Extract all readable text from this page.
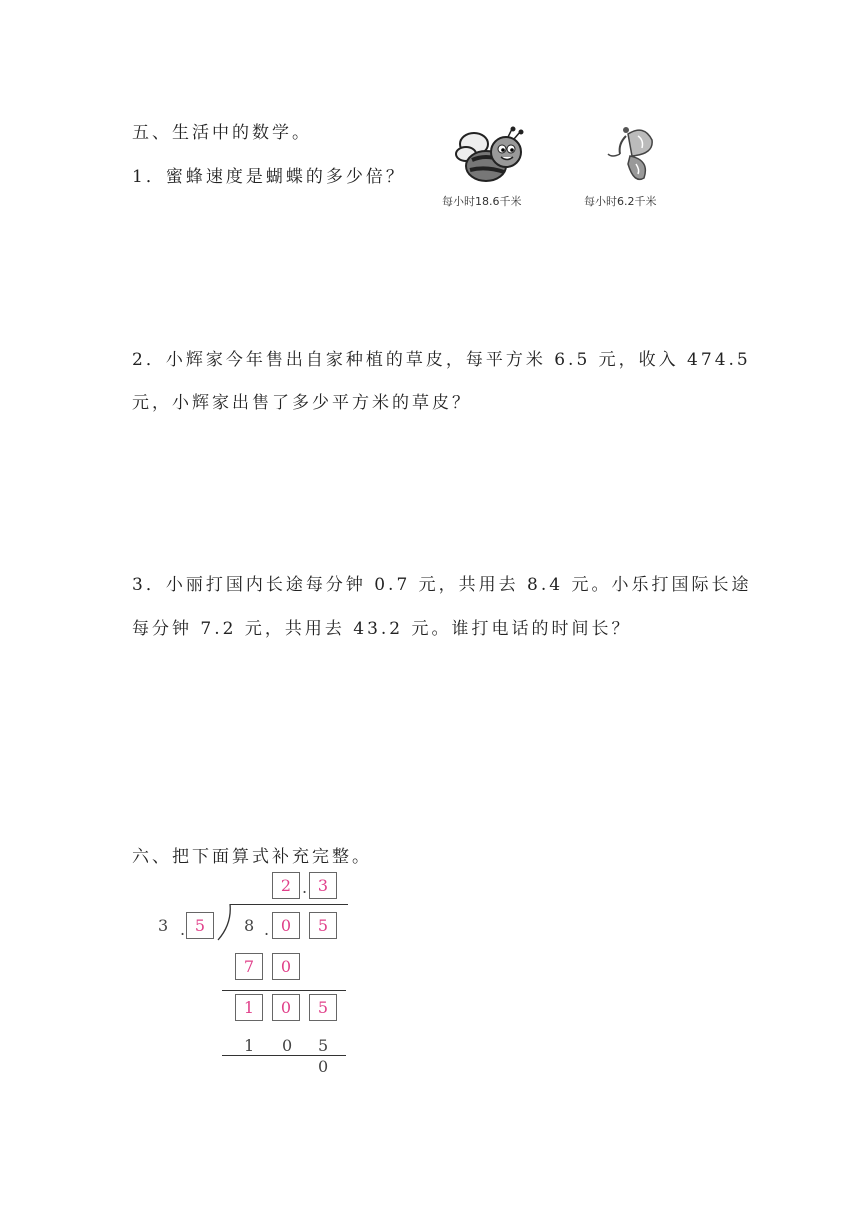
五、生活中的数学。
1．蜜蜂速度是蝴蝶的多少倍？
每小时18.6千米	每小时6.2千米
2．小辉家今年售出自家种植的草皮，每平方米 6.5 元，收入 474.5
元，小辉家出售了多少平方米的草皮？
3．小丽打国内长途每分钟 0.7 元，共用去 8.4 元。小乐打国际长途
每分钟 7.2 元，共用去 43.2 元。谁打电话的时间长？
六、把下面算式补充完整。
2 . 3
3 . 5	8 . 0	5
7	0
1	0	5
1 0 5
0
